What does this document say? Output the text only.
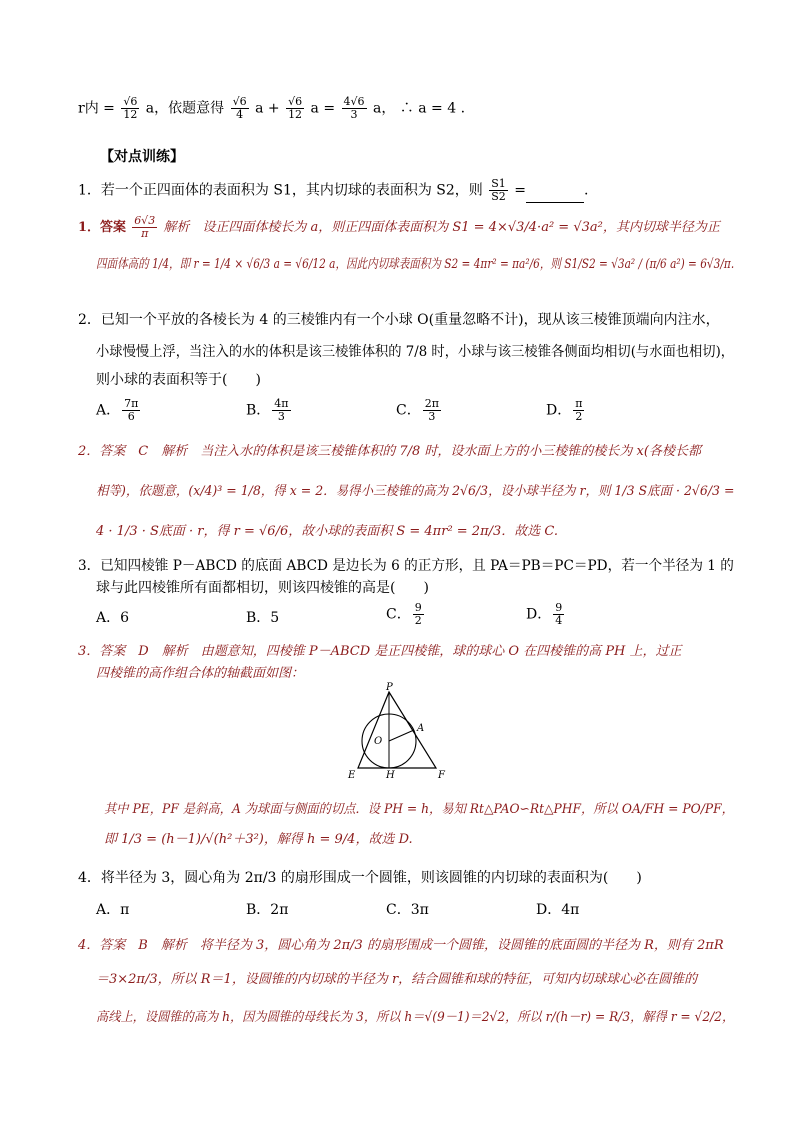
r内 = $\frac{√6}{12}$ a，依题意得 $\frac{√6}{4}$ $a + \frac{√6}{12}$ $a = \frac{4√6}{3}$ a， ∴ a = 4 .
【对点训练】
1．若一个正四面体的表面积为 S1，其内切球的表面积为 S2，则 $\frac{S1}{S2}$ =	.
1．答案 $\frac{6√3}{\pi}$ 解析　设正四面体棱长为 a，则正四面体表面积为 S1 = 4×√3/4·a² = √3a²，其内切球半径为正
四面体高的 1/4，即 r = 1/4 × √6/3 a = √6/12 a，因此内切球表面积为 S2 = 4πr² = πa²/6，则 S1/S2 = √3a² / (π/6 a²) = 6√3/π.
2．已知一个平放的各棱长为 4 的三棱锥内有一个小球 O(重量忽略不计)，现从该三棱锥顶端向内注水，
小球慢慢上浮，当注入的水的体积是该三棱锥体积的 7/8 时，小球与该三棱锥各侧面均相切(与水面也相切)，
则小球的表面积等于(　　)
A． $\frac{7\pi}{6}$	B． $\frac{4\pi}{3}$	C． $\frac{2\pi}{3}$	D． $\frac{\pi}{2}$
2．答案　C　解析　当注入水的体积是该三棱锥体积的 7/8 时，设水面上方的小三棱锥的棱长为 x(各棱长都
相等)，依题意，(x/4)³ = 1/8，得 x = 2．易得小三棱锥的高为 2√6/3，设小球半径为 r，则 1/3 S底面 · 2√6/3 =
4 · 1/3 · S底面 · r，得 r = √6/6，故小球的表面积 S = 4πr² = 2π/3．故选 C.
3．已知四棱锥 P－ABCD 的底面 ABCD 是边长为 6 的正方形，且 PA＝PB＝PC＝PD，若一个半径为 1 的
球与此四棱锥所有面都相切，则该四棱锥的高是(　　)
A．6	B．5	C． $\frac{9}{2}$	D． $\frac{9}{4}$
3．答案　D　解析　由题意知，四棱锥 P－ABCD 是正四棱锥，球的球心 O 在四棱锥的高 PH 上，过正
四棱锥的高作组合体的轴截面如图：
P
A
O
E	H	F
其中 PE，PF 是斜高，A 为球面与侧面的切点．设 PH = h，易知 Rt△PAO∽Rt△PHF，所以 OA/FH = PO/PF，
即 1/3 = (h－1)/√(h²＋3²)，解得 h = 9/4，故选 D.
4．将半径为 3，圆心角为 2π/3 的扇形围成一个圆锥，则该圆锥的内切球的表面积为(　　)
A．π	B．2π	C．3π	D．4π
4．答案　B　解析　将半径为 3，圆心角为 2π/3 的扇形围成一个圆锥，设圆锥的底面圆的半径为 R，则有 2πR
＝3×2π/3，所以 R＝1，设圆锥的内切球的半径为 r，结合圆锥和球的特征，可知内切球球心必在圆锥的
高线上，设圆锥的高为 h，因为圆锥的母线长为 3，所以 h＝√(9－1)＝2√2，所以 r/(h－r) = R/3，解得 r = √2/2，
